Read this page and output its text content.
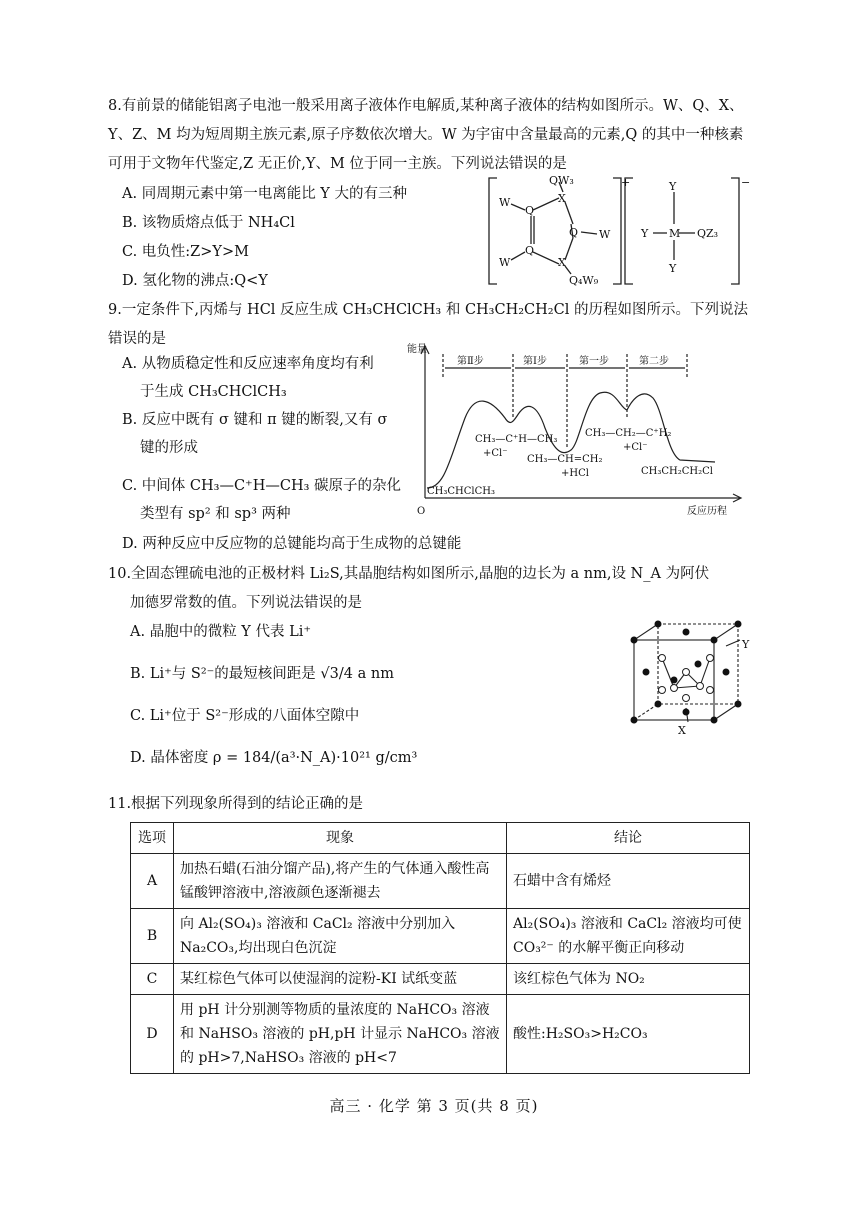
8.有前景的储能铝离子电池一般采用离子液体作电解质,某种离子液体的结构如图所示。W、Q、X、Y、Z、M 均为短周期主族元素,原子序数依次增大。W 为宇宙中含量最高的元素,Q 的其中一种核素可用于文物年代鉴定,Z 无正价,Y、M 位于同一主族。下列说法错误的是
A. 同周期元素中第一电离能比 Y 大的有三种
B. 该物质熔点低于 NH₄Cl
C. 电负性:Z>Y>M
D. 氢化物的沸点:Q<Y
QW₃
W
Q
X
Q W
Q
W	X
Q₄W₉
+	Y
Y M QZ₃
Y
−
9.一定条件下,丙烯与 HCl 反应生成 CH₃CHClCH₃ 和 CH₃CH₂CH₂Cl 的历程如图所示。下列说法错误的是
A. 从物质稳定性和反应速率角度均有利
于生成 CH₃CHClCH₃
B. 反应中既有 σ 键和 π 键的断裂,又有 σ
键的形成
C. 中间体 CH₃—C⁺H—CH₃ 碳原子的杂化
类型有 sp² 和 sp³ 两种
D. 两种反应中反应物的总键能均高于生成物的总键能
能量
O	反应历程
第Ⅱ步	第Ⅰ步	第一步	第二步
CH₃—C⁺H—CH₃
+Cl⁻
CH₃—CH=CH₂
+HCl
CH₃—CH₂—C⁺H₂
+Cl⁻
CH₃CHClCH₃
CH₃CH₂CH₂Cl
10.全固态锂硫电池的正极材料 Li₂S,其晶胞结构如图所示,晶胞的边长为 a nm,设 N_A 为阿伏
加德罗常数的值。下列说法错误的是
A. 晶胞中的微粒 Y 代表 Li⁺
B. Li⁺与 S²⁻的最短核间距是 √3/4 a nm
C. Li⁺位于 S²⁻形成的八面体空隙中
D. 晶体密度 ρ = 184/(a³·N_A)·10²¹ g/cm³
Y
X
11.根据下列现象所得到的结论正确的是
选项	现象	结论
A	加热石蜡(石油分馏产品),将产生的气体通入酸性高锰酸钾溶液中,溶液颜色逐渐褪去	石蜡中含有烯烃
B	向 Al₂(SO₄)₃ 溶液和 CaCl₂ 溶液中分别加入 Na₂CO₃,均出现白色沉淀	Al₂(SO₄)₃ 溶液和 CaCl₂ 溶液均可使 CO₃²⁻ 的水解平衡正向移动
C	某红棕色气体可以使湿润的淀粉-KI 试纸变蓝	该红棕色气体为 NO₂
D	用 pH 计分别测等物质的量浓度的 NaHCO₃ 溶液和 NaHSO₃ 溶液的 pH,pH 计显示 NaHCO₃ 溶液的 pH>7,NaHSO₃ 溶液的 pH<7	酸性:H₂SO₃>H₂CO₃
高三 · 化学 第 3 页(共 8 页)
